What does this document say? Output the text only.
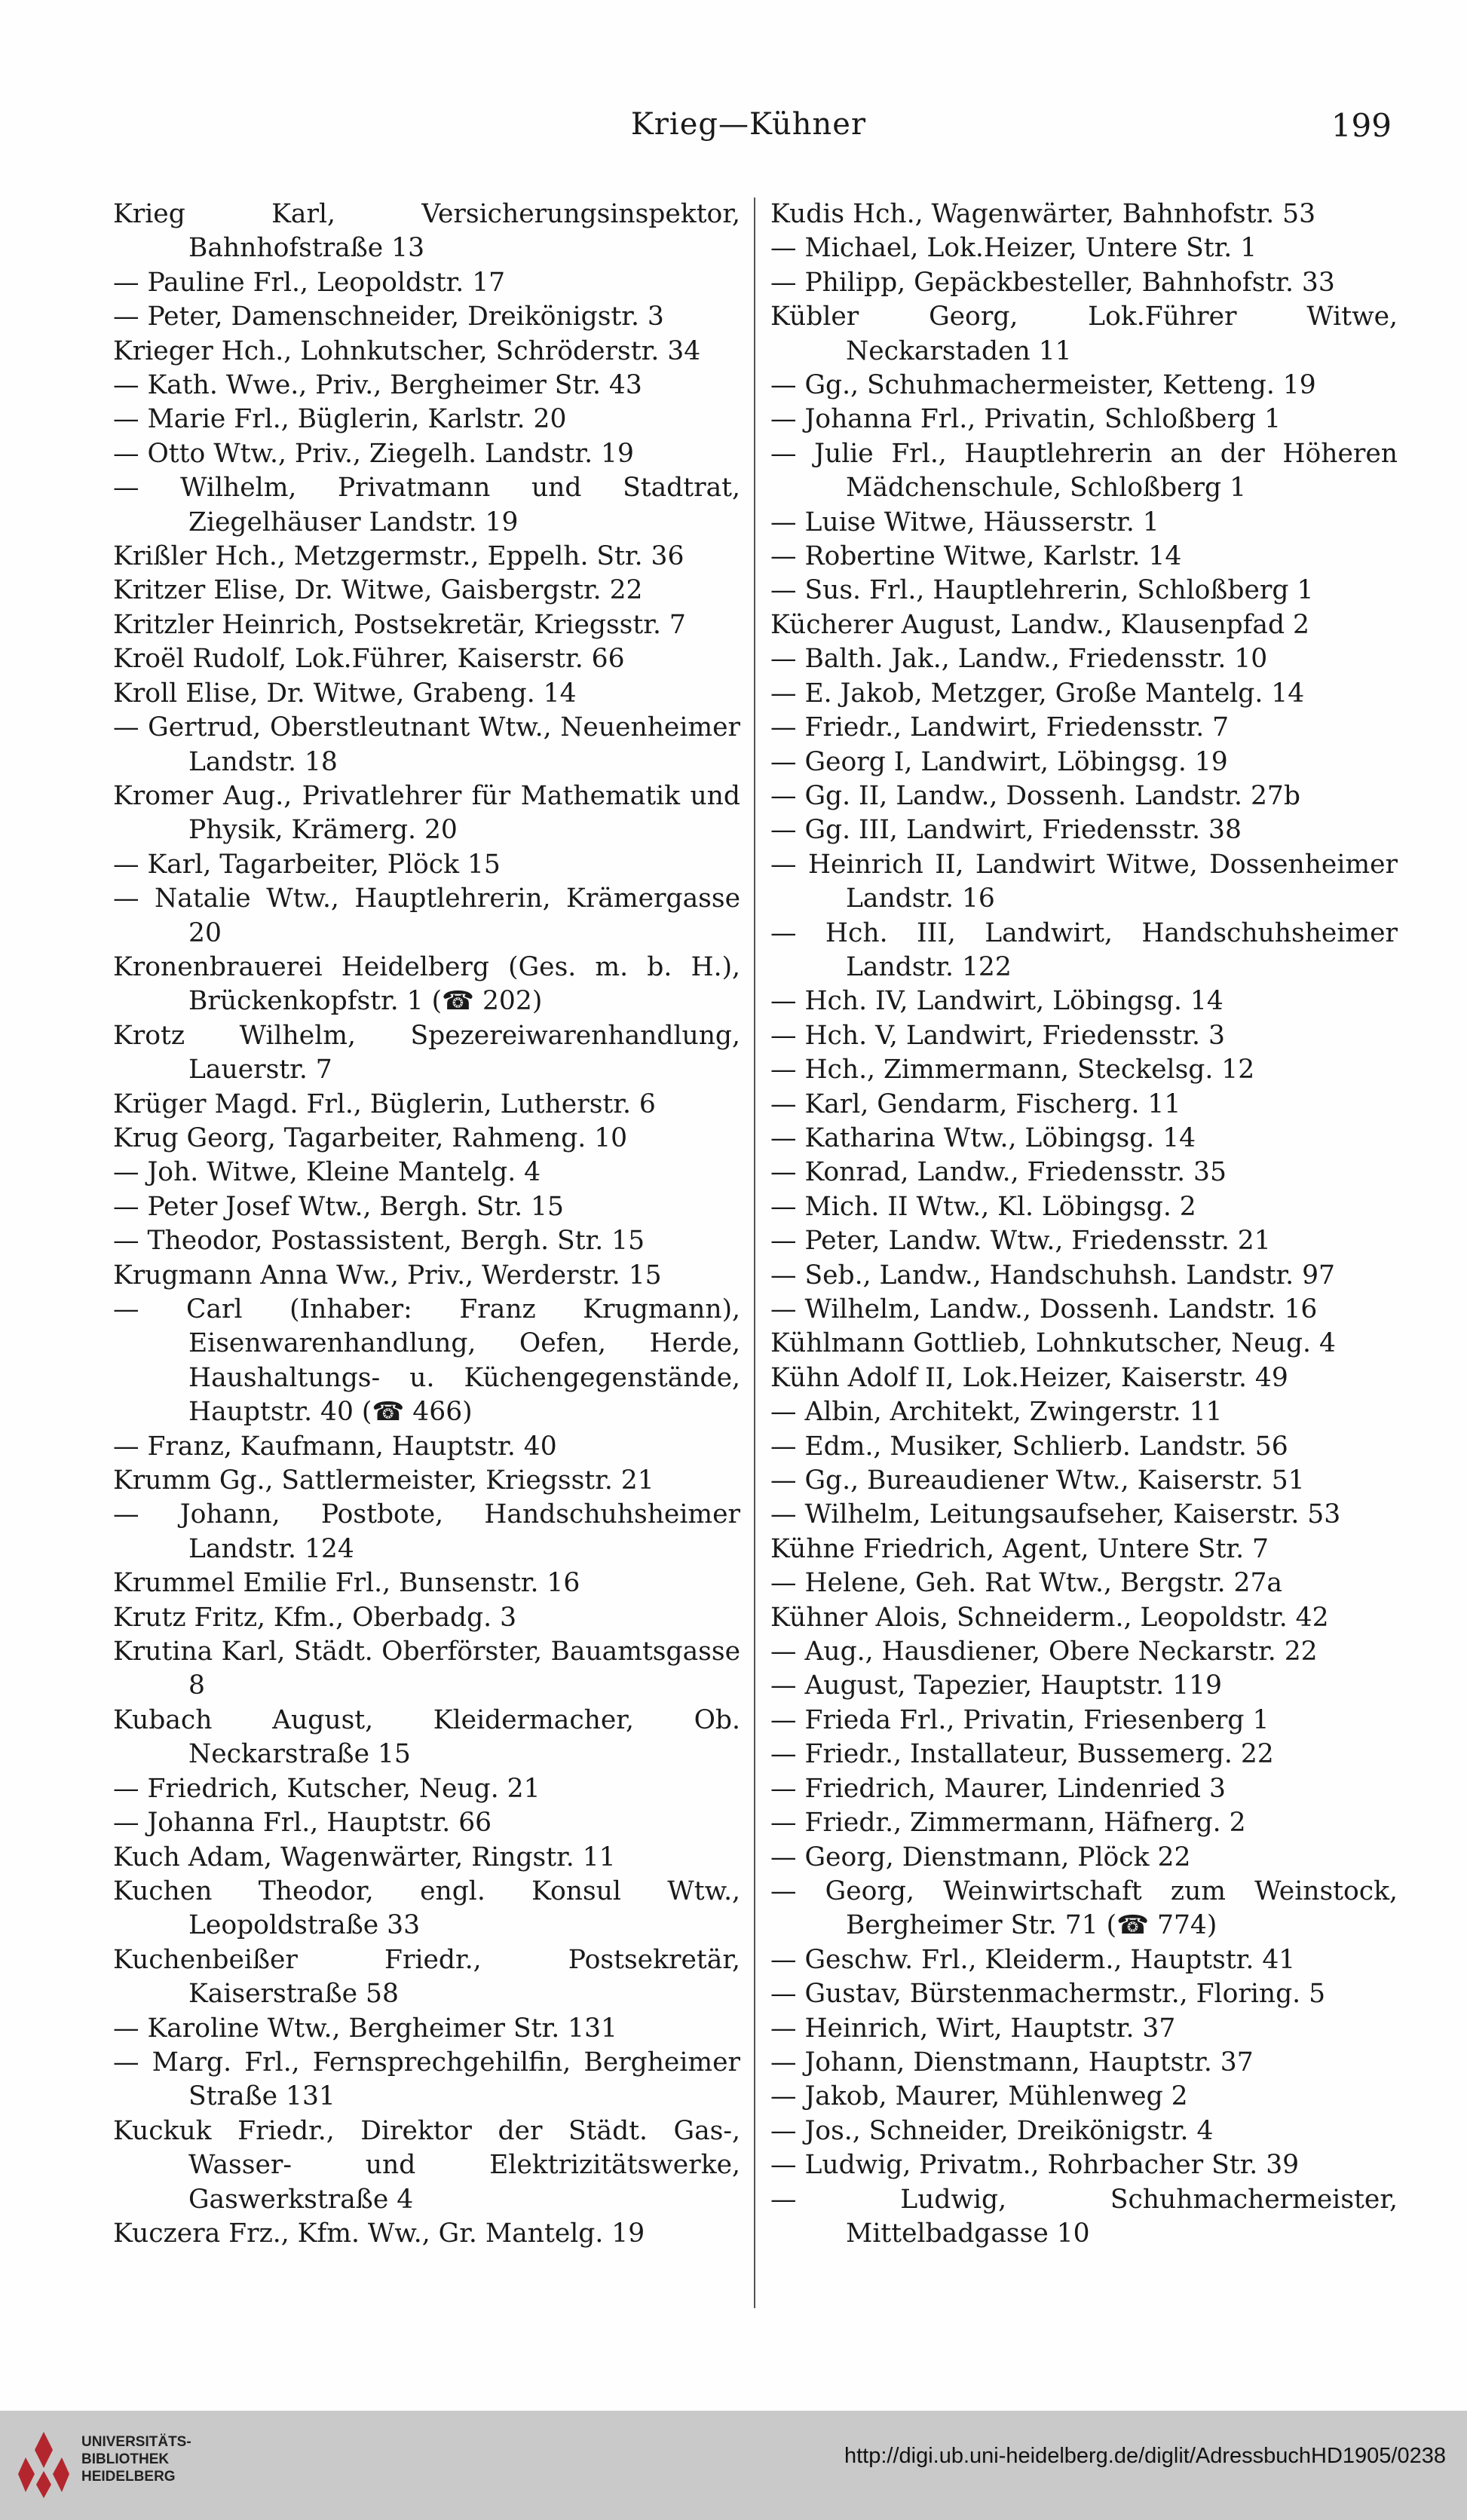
Krieg—Kühner	199
Krieg Karl, Versicherungsinspektor, Bahnhofstraße 13
— Pauline Frl., Leopoldstr. 17
— Peter, Damenschneider, Dreikönigstr. 3
Krieger Hch., Lohnkutscher, Schröderstr. 34
— Kath. Wwe., Priv., Bergheimer Str. 43
— Marie Frl., Büglerin, Karlstr. 20
— Otto Wtw., Priv., Ziegelh. Landstr. 19
— Wilhelm, Privatmann und Stadtrat, Ziegelhäuser Landstr. 19
Krißler Hch., Metzgermstr., Eppelh. Str. 36
Kritzer Elise, Dr. Witwe, Gaisbergstr. 22
Kritzler Heinrich, Postsekretär, Kriegsstr. 7
Kroël Rudolf, Lok.Führer, Kaiserstr. 66
Kroll Elise, Dr. Witwe, Grabeng. 14
— Gertrud, Oberstleutnant Wtw., Neuenheimer Landstr. 18
Kromer Aug., Privatlehrer für Mathematik und Physik, Krämerg. 20
— Karl, Tagarbeiter, Plöck 15
— Natalie Wtw., Hauptlehrerin, Krämergasse 20
Kronenbrauerei Heidelberg (Ges. m. b. H.), Brückenkopfstr. 1 (☎ 202)
Krotz Wilhelm, Spezereiwarenhandlung, Lauerstr. 7
Krüger Magd. Frl., Büglerin, Lutherstr. 6
Krug Georg, Tagarbeiter, Rahmeng. 10
— Joh. Witwe, Kleine Mantelg. 4
— Peter Josef Wtw., Bergh. Str. 15
— Theodor, Postassistent, Bergh. Str. 15
Krugmann Anna Ww., Priv., Werderstr. 15
— Carl (Inhaber: Franz Krugmann), Eisenwarenhandlung, Oefen, Herde, Haushaltungs- u. Küchengegenstände, Hauptstr. 40 (☎ 466)
— Franz, Kaufmann, Hauptstr. 40
Krumm Gg., Sattlermeister, Kriegsstr. 21
— Johann, Postbote, Handschuhsheimer Landstr. 124
Krummel Emilie Frl., Bunsenstr. 16
Krutz Fritz, Kfm., Oberbadg. 3
Krutina Karl, Städt. Oberförster, Bauamtsgasse 8
Kubach August, Kleidermacher, Ob. Neckarstraße 15
— Friedrich, Kutscher, Neug. 21
— Johanna Frl., Hauptstr. 66
Kuch Adam, Wagenwärter, Ringstr. 11
Kuchen Theodor, engl. Konsul Wtw., Leopoldstraße 33
Kuchenbeißer Friedr., Postsekretär, Kaiserstraße 58
— Karoline Wtw., Bergheimer Str. 131
— Marg. Frl., Fernsprechgehilfin, Bergheimer Straße 131
Kuckuk Friedr., Direktor der Städt. Gas-, Wasser- und Elektrizitätswerke, Gaswerkstraße 4
Kuczera Frz., Kfm. Ww., Gr. Mantelg. 19
Kudis Hch., Wagenwärter, Bahnhofstr. 53
— Michael, Lok.Heizer, Untere Str. 1
— Philipp, Gepäckbesteller, Bahnhofstr. 33
Kübler Georg, Lok.Führer Witwe, Neckarstaden 11
— Gg., Schuhmachermeister, Ketteng. 19
— Johanna Frl., Privatin, Schloßberg 1
— Julie Frl., Hauptlehrerin an der Höheren Mädchenschule, Schloßberg 1
— Luise Witwe, Häusserstr. 1
— Robertine Witwe, Karlstr. 14
— Sus. Frl., Hauptlehrerin, Schloßberg 1
Kücherer August, Landw., Klausenpfad 2
— Balth. Jak., Landw., Friedensstr. 10
— E. Jakob, Metzger, Große Mantelg. 14
— Friedr., Landwirt, Friedensstr. 7
— Georg I, Landwirt, Löbingsg. 19
— Gg. II, Landw., Dossenh. Landstr. 27b
— Gg. III, Landwirt, Friedensstr. 38
— Heinrich II, Landwirt Witwe, Dossenheimer Landstr. 16
— Hch. III, Landwirt, Handschuhsheimer Landstr. 122
— Hch. IV, Landwirt, Löbingsg. 14
— Hch. V, Landwirt, Friedensstr. 3
— Hch., Zimmermann, Steckelsg. 12
— Karl, Gendarm, Fischerg. 11
— Katharina Wtw., Löbingsg. 14
— Konrad, Landw., Friedensstr. 35
— Mich. II Wtw., Kl. Löbingsg. 2
— Peter, Landw. Wtw., Friedensstr. 21
— Seb., Landw., Handschuhsh. Landstr. 97
— Wilhelm, Landw., Dossenh. Landstr. 16
Kühlmann Gottlieb, Lohnkutscher, Neug. 4
Kühn Adolf II, Lok.Heizer, Kaiserstr. 49
— Albin, Architekt, Zwingerstr. 11
— Edm., Musiker, Schlierb. Landstr. 56
— Gg., Bureaudiener Wtw., Kaiserstr. 51
— Wilhelm, Leitungsaufseher, Kaiserstr. 53
Kühne Friedrich, Agent, Untere Str. 7
— Helene, Geh. Rat Wtw., Bergstr. 27a
Kühner Alois, Schneiderm., Leopoldstr. 42
— Aug., Hausdiener, Obere Neckarstr. 22
— August, Tapezier, Hauptstr. 119
— Frieda Frl., Privatin, Friesenberg 1
— Friedr., Installateur, Bussemerg. 22
— Friedrich, Maurer, Lindenried 3
— Friedr., Zimmermann, Häfnerg. 2
— Georg, Dienstmann, Plöck 22
— Georg, Weinwirtschaft zum Weinstock, Bergheimer Str. 71 (☎ 774)
— Geschw. Frl., Kleiderm., Hauptstr. 41
— Gustav, Bürstenmachermstr., Floring. 5
— Heinrich, Wirt, Hauptstr. 37
— Johann, Dienstmann, Hauptstr. 37
— Jakob, Maurer, Mühlenweg 2
— Jos., Schneider, Dreikönigstr. 4
— Ludwig, Privatm., Rohrbacher Str. 39
— Ludwig, Schuhmachermeister, Mittelbadgasse 10
UNIVERSITÄTS-
BIBLIOTHEK
HEIDELBERG
http://digi.ub.uni-heidelberg.de/diglit/AdressbuchHD1905/0238
